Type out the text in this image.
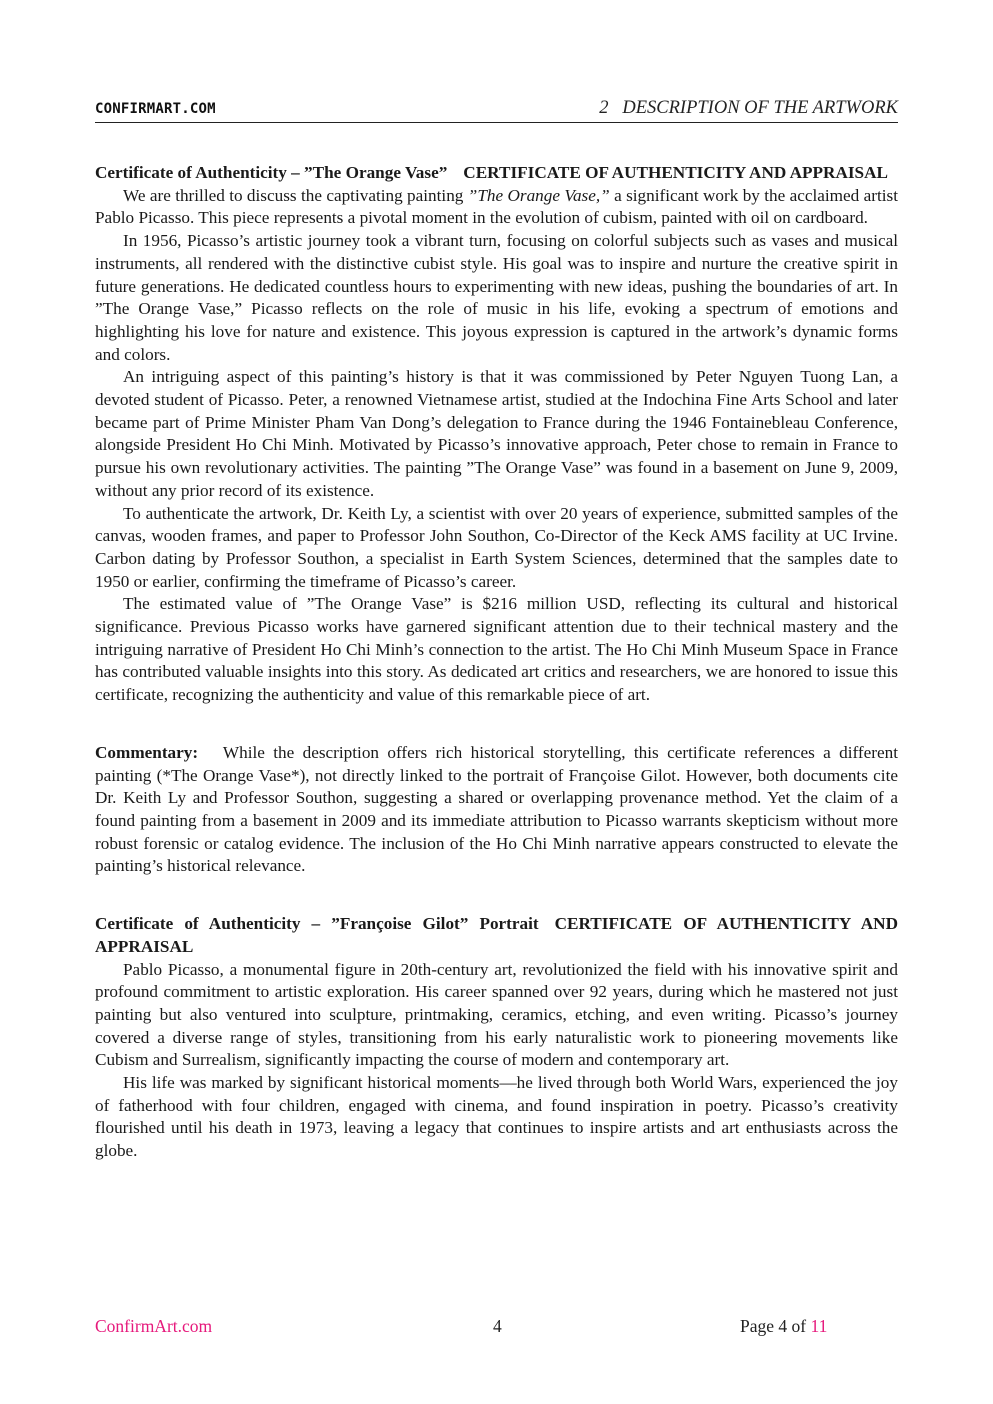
CONFIRMART.COM	2 DESCRIPTION OF THE ARTWORK
Certificate of Authenticity – ”The Orange Vase” CERTIFICATE OF AUTHENTICITY AND APPRAISAL

We are thrilled to discuss the captivating painting ”The Orange Vase,” a significant work by the acclaimed artist Pablo Picasso. This piece represents a pivotal moment in the evolution of cubism, painted with oil on cardboard.

In 1956, Picasso’s artistic journey took a vibrant turn, focusing on colorful subjects such as vases and musical instruments, all rendered with the distinctive cubist style. His goal was to inspire and nurture the creative spirit in future generations. He dedicated countless hours to experimenting with new ideas, pushing the boundaries of art. In ”The Orange Vase,” Picasso reflects on the role of music in his life, evoking a spectrum of emotions and highlighting his love for nature and existence. This joyous expression is captured in the artwork’s dynamic forms and colors.

An intriguing aspect of this painting’s history is that it was commissioned by Peter Nguyen Tuong Lan, a devoted student of Picasso. Peter, a renowned Vietnamese artist, studied at the Indochina Fine Arts School and later became part of Prime Minister Pham Van Dong’s delegation to France during the 1946 Fontainebleau Conference, alongside President Ho Chi Minh. Motivated by Picasso’s innovative approach, Peter chose to remain in France to pursue his own revolutionary activities. The painting ”The Orange Vase” was found in a basement on June 9, 2009, without any prior record of its existence.

To authenticate the artwork, Dr. Keith Ly, a scientist with over 20 years of experience, submitted samples of the canvas, wooden frames, and paper to Professor John Southon, Co-Director of the Keck AMS facility at UC Irvine. Carbon dating by Professor Southon, a specialist in Earth System Sciences, determined that the samples date to 1950 or earlier, confirming the timeframe of Picasso’s career.

The estimated value of ”The Orange Vase” is $216 million USD, reflecting its cultural and historical significance. Previous Picasso works have garnered significant attention due to their technical mastery and the intriguing narrative of President Ho Chi Minh’s connection to the artist. The Ho Chi Minh Museum Space in France has contributed valuable insights into this story. As dedicated art critics and researchers, we are honored to issue this certificate, recognizing the authenticity and value of this remarkable piece of art.

Commentary: While the description offers rich historical storytelling, this certificate references a different painting (*The Orange Vase*), not directly linked to the portrait of Françoise Gilot. However, both documents cite Dr. Keith Ly and Professor Southon, suggesting a shared or overlapping provenance method. Yet the claim of a found painting from a basement in 2009 and its immediate attribution to Picasso warrants skepticism without more robust forensic or catalog evidence. The inclusion of the Ho Chi Minh narrative appears constructed to elevate the painting’s historical relevance.
Certificate of Authenticity – ”Françoise Gilot” Portrait CERTIFICATE OF AUTHENTICITY AND APPRAISAL

Pablo Picasso, a monumental figure in 20th-century art, revolutionized the field with his innovative spirit and profound commitment to artistic exploration. His career spanned over 92 years, during which he mastered not just painting but also ventured into sculpture, printmaking, ceramics, etching, and even writing. Picasso’s journey covered a diverse range of styles, transitioning from his early naturalistic work to pioneering movements like Cubism and Surrealism, significantly impacting the course of modern and contemporary art.

His life was marked by significant historical moments—he lived through both World Wars, experienced the joy of fatherhood with four children, engaged with cinema, and found inspiration in poetry. Picasso’s creativity flourished until his death in 1973, leaving a legacy that continues to inspire artists and art enthusiasts across the globe.

ConfirmArt.com	4	Page 4 of 11
